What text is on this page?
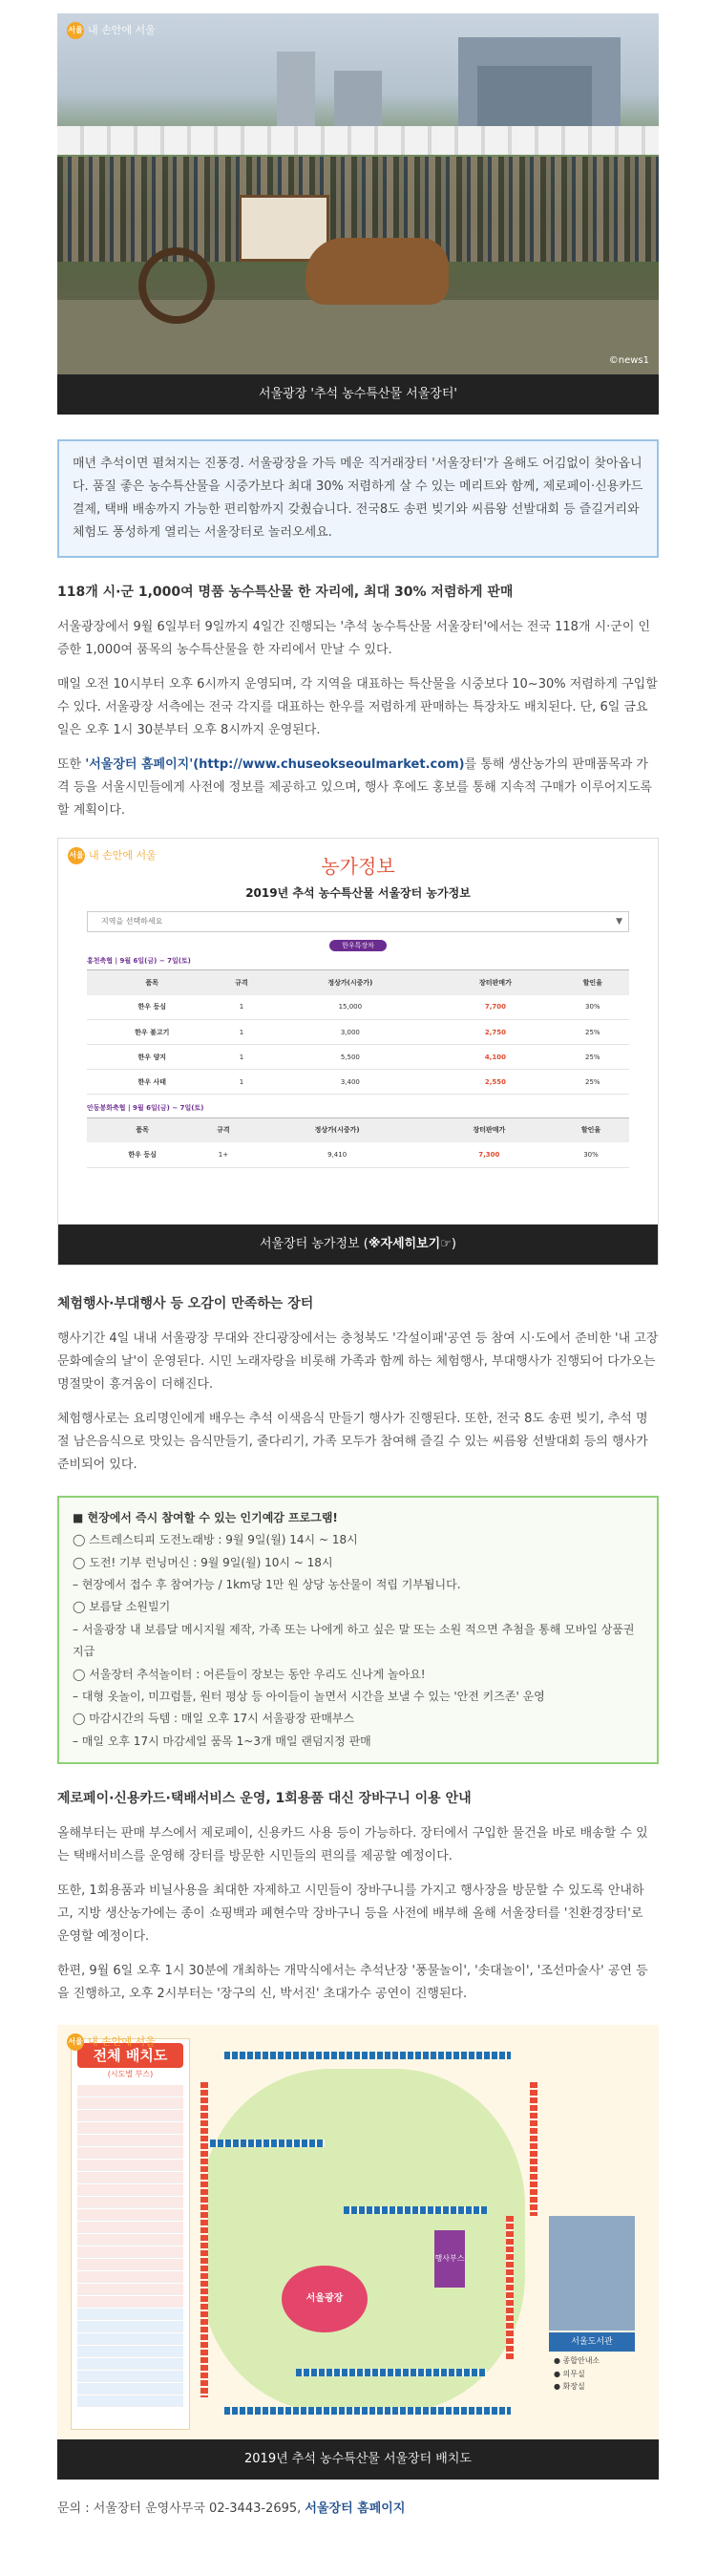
서울 내 손안에 서울
©news1
서울광장 '추석 농수특산물 서울장터'
매년 추석이면 펼쳐지는 진풍경. 서울광장을 가득 메운 직거래장터 '서울장터'가 올해도 어김없이 찾아옵니다. 품질 좋은 농수특산물을 시중가보다 최대 30% 저렴하게 살 수 있는 메리트와 함께, 제로페이·신용카드 결제, 택배 배송까지 가능한 편리함까지 갖췄습니다. 전국8도 송편 빚기와 씨름왕 선발대회 등 즐길거리와 체험도 풍성하게 열리는 서울장터로 놀러오세요.
118개 시·군 1,000여 명품 농수특산물 한 자리에, 최대 30% 저렴하게 판매
서울광장에서 9월 6일부터 9일까지 4일간 진행되는 '추석 농수특산물 서울장터'에서는 전국 118개 시·군이 인증한 1,000여 품목의 농수특산물을 한 자리에서 만날 수 있다.
매일 오전 10시부터 오후 6시까지 운영되며, 각 지역을 대표하는 특산물을 시중보다 10~30% 저렴하게 구입할 수 있다. 서울광장 서측에는 전국 각지를 대표하는 한우를 저렴하게 판매하는 특장차도 배치된다. 단, 6일 금요일은 오후 1시 30분부터 오후 8시까지 운영된다.
또한 '서울장터 홈페이지'(http://www.chuseokseoulmarket.com)를 통해 생산농가의 판매품목과 가격 등을 서울시민들에게 사전에 정보를 제공하고 있으며, 행사 후에도 홍보를 통해 지속적 구매가 이루어지도록 할 계획이다.
서울 내 손안에 서울	농가정보
2019년 추석 농수특산물 서울장터 농가정보
지역을 선택하세요	▼
한우특장차
홍천축협 | 9월 6일(금) ~ 7일(토)
품목	규격	정상가(시중가)	장터판매가	할인율
한우 등심	1	15,000	7,700	30%
한우 불고기	1	3,000	2,750	25%
한우 양지	1	5,500	4,100	25%
한우 사태	1	3,400	2,550	25%
안동봉화축협 | 9월 6일(금) ~ 7일(토)
품목	규격	정상가(시중가)	장터판매가	할인율
한우 등심	1+	9,410	7,300	30%
서울장터 농가정보 (※자세히보기☞)
체험행사·부대행사 등 오감이 만족하는 장터
행사기간 4일 내내 서울광장 무대와 잔디광장에서는 충청북도 '각설이패'공연 등 참여 시·도에서 준비한 '내 고장 문화예술의 날'이 운영된다. 시민 노래자랑을 비롯해 가족과 함께 하는 체험행사, 부대행사가 진행되어 다가오는 명절맞이 흥겨움이 더해진다.
체험행사로는 요리명인에게 배우는 추석 이색음식 만들기 행사가 진행된다. 또한, 전국 8도 송편 빚기, 추석 명절 남은음식으로 맛있는 음식만들기, 줄다리기, 가족 모두가 참여해 즐길 수 있는 씨름왕 선발대회 등의 행사가 준비되어 있다.
■ 현장에서 즉시 참여할 수 있는 인기예감 프로그램!
◯ 스트레스티피 도전노래방 : 9월 9일(월) 14시 ~ 18시
◯ 도전! 기부 런닝머신 : 9월 9일(월) 10시 ~ 18시
– 현장에서 접수 후 참여가능 / 1km당 1만 원 상당 농산물이 적립 기부됩니다.
◯ 보름달 소원빌기
– 서울광장 내 보름달 메시지월 제작, 가족 또는 나에게 하고 싶은 말 또는 소원 적으면 추첨을 통해 모바일 상품권 지급
◯ 서울장터 추석놀이터 : 어른들이 장보는 동안 우리도 신나게 놀아요!
– 대형 옷놀이, 미끄럼틀, 원터 평상 등 아이들이 놀면서 시간을 보낼 수 있는 '안전 키즈존' 운영
◯ 마감시간의 득템 : 매일 오후 17시 서울광장 판매부스
– 매일 오후 17시 마감세일 품목 1~3개 매일 랜덤지정 판매
제로페이·신용카드·택배서비스 운영, 1회용품 대신 장바구니 이용 안내
올해부터는 판매 부스에서 제로페이, 신용카드 사용 등이 가능하다. 장터에서 구입한 물건을 바로 배송할 수 있는 택배서비스를 운영해 장터를 방문한 시민들의 편의를 제공할 예정이다.
또한, 1회용품과 비닐사용을 최대한 자제하고 시민들이 장바구니를 가지고 행사장을 방문할 수 있도록 안내하고, 지방 생산농가에는 종이 쇼핑백과 폐현수막 장바구니 등을 사전에 배부해 올해 서울장터를 '친환경장터'로 운영할 예정이다.
한편, 9월 6일 오후 1시 30분에 개최하는 개막식에서는 추석난장 '풍물놀이', '솟대놀이', '조선마술사' 공연 등을 진행하고, 오후 2시부터는 '장구의 신, 박서진' 초대가수 공연이 진행된다.
서울 내 손안에 서울
전체 배치도
(시도별 부스)
서울광장
행사부스
서울도서관
● 종합안내소
● 의무실
● 화장실
2019년 추석 농수특산물 서울장터 배치도
문의 : 서울장터 운영사무국 02-3443-2695, 서울장터 홈페이지
